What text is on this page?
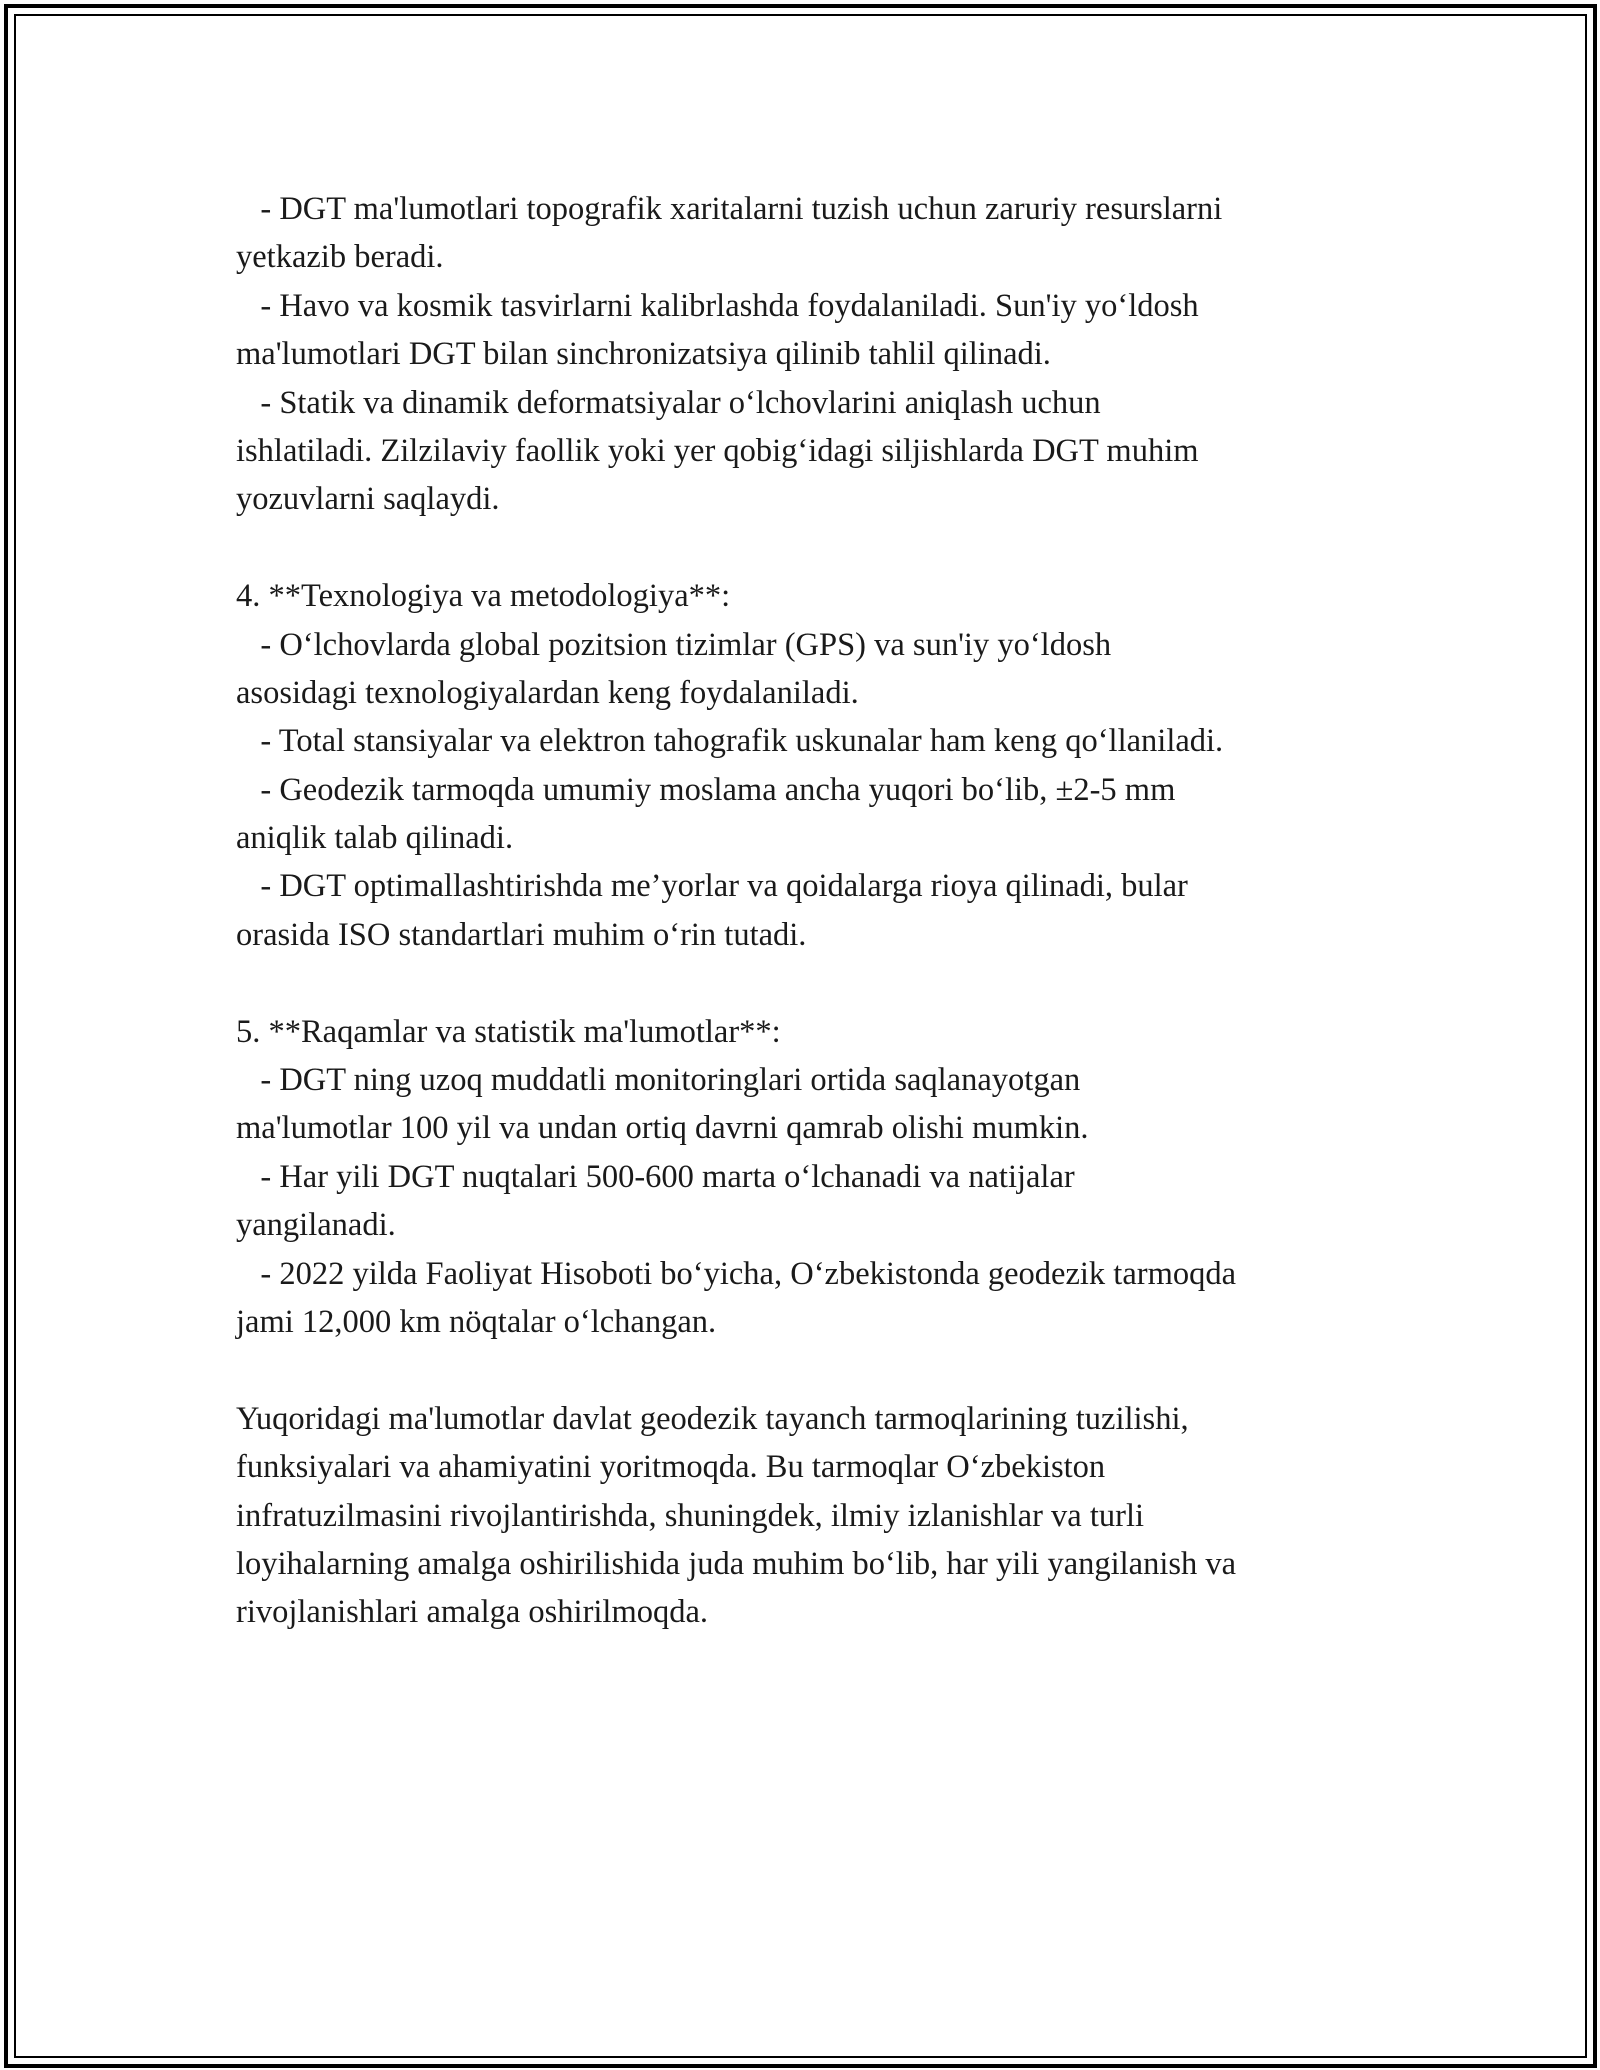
- DGT ma'lumotlari topografik xaritalarni tuzish uchun zaruriy resurslarni
yetkazib beradi.
- Havo va kosmik tasvirlarni kalibrlashda foydalaniladi. Sun'iy yo‘ldosh
ma'lumotlari DGT bilan sinchronizatsiya qilinib tahlil qilinadi.
- Statik va dinamik deformatsiyalar o‘lchovlarini aniqlash uchun
ishlatiladi. Zilzilaviy faollik yoki yer qobig‘idagi siljishlarda DGT muhim
yozuvlarni saqlaydi.
4. **Texnologiya va metodologiya**:
- O‘lchovlarda global pozitsion tizimlar (GPS) va sun'iy yo‘ldosh
asosidagi texnologiyalardan keng foydalaniladi.
- Total stansiyalar va elektron tahografik uskunalar ham keng qo‘llaniladi.
- Geodezik tarmoqda umumiy moslama ancha yuqori bo‘lib, ±2-5 mm
aniqlik talab qilinadi.
- DGT optimallashtirishda me’yorlar va qoidalarga rioya qilinadi, bular
orasida ISO standartlari muhim o‘rin tutadi.
5. **Raqamlar va statistik ma'lumotlar**:
- DGT ning uzoq muddatli monitoringlari ortida saqlanayotgan
ma'lumotlar 100 yil va undan ortiq davrni qamrab olishi mumkin.
- Har yili DGT nuqtalari 500-600 marta o‘lchanadi va natijalar
yangilanadi.
- 2022 yilda Faoliyat Hisoboti bo‘yicha, O‘zbekistonda geodezik tarmoqda
jami 12,000 km nöqtalar o‘lchangan.
Yuqoridagi ma'lumotlar davlat geodezik tayanch tarmoqlarining tuzilishi,
funksiyalari va ahamiyatini yoritmoqda. Bu tarmoqlar O‘zbekiston
infratuzilmasini rivojlantirishda, shuningdek, ilmiy izlanishlar va turli
loyihalarning amalga oshirilishida juda muhim bo‘lib, har yili yangilanish va
rivojlanishlari amalga oshirilmoqda.
